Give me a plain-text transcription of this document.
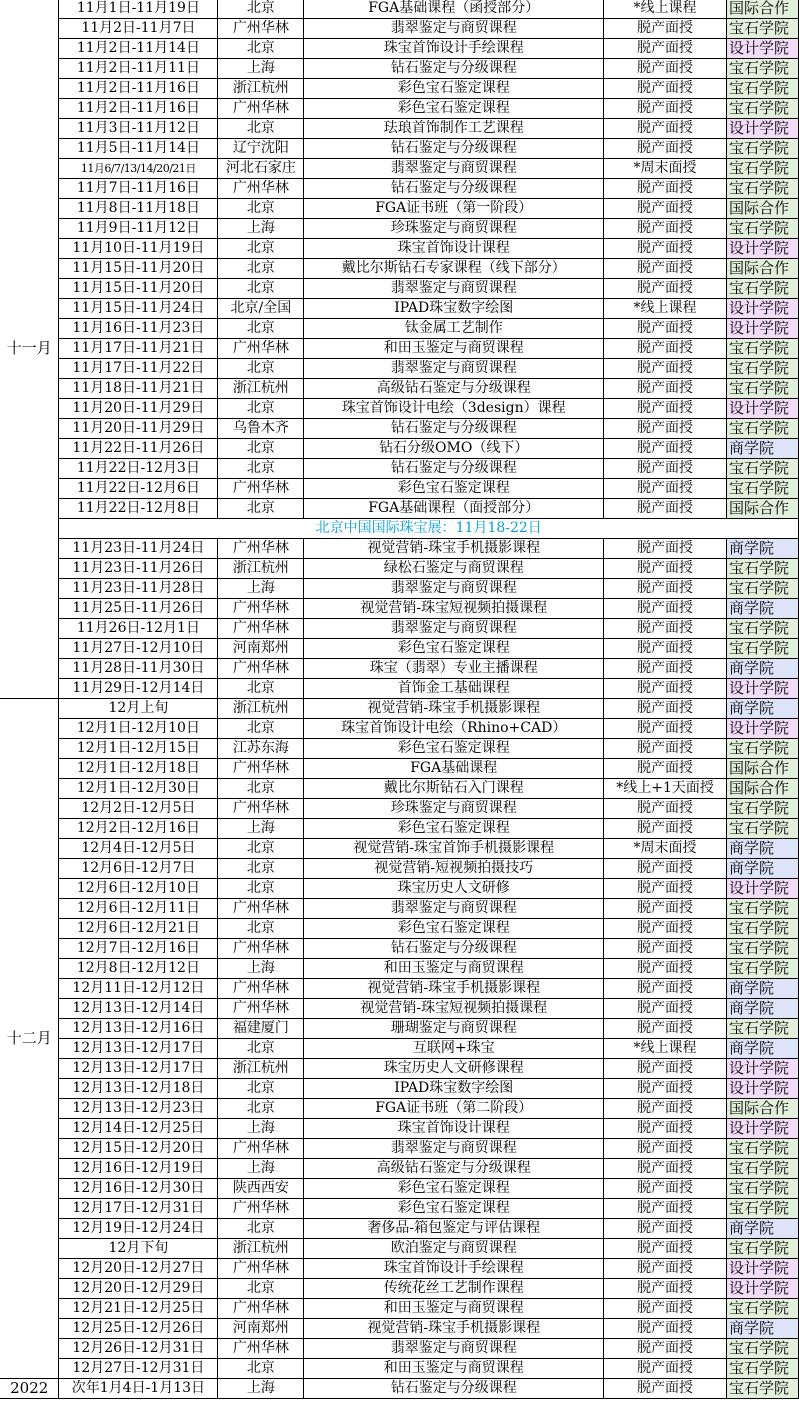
十一月	11月1日-11月19日	北京	FGA基础课程（函授部分）	*线上课程	国际合作
	11月2日-11月7日	广州华林	翡翠鉴定与商贸课程	脱产面授	宝石学院
	11月2日-11月14日	北京	珠宝首饰设计手绘课程	脱产面授	设计学院
	11月2日-11月11日	上海	钻石鉴定与分级课程	脱产面授	宝石学院
	11月2日-11月16日	浙江杭州	彩色宝石鉴定课程	脱产面授	宝石学院
	11月2日-11月16日	广州华林	彩色宝石鉴定课程	脱产面授	宝石学院
	11月3日-11月12日	北京	珐琅首饰制作工艺课程	脱产面授	设计学院
	11月5日-11月14日	辽宁沈阳	钻石鉴定与分级课程	脱产面授	宝石学院
	11月6/7/13/14/20/21日	河北石家庄	翡翠鉴定与商贸课程	*周末面授	宝石学院
	11月7日-11月16日	广州华林	钻石鉴定与分级课程	脱产面授	宝石学院
	11月8日-11月18日	北京	FGA证书班（第一阶段）	脱产面授	国际合作
	11月9日-11月12日	上海	珍珠鉴定与商贸课程	脱产面授	宝石学院
	11月10日-11月19日	北京	珠宝首饰设计课程	脱产面授	设计学院
	11月15日-11月20日	北京	戴比尔斯钻石专家课程（线下部分）	脱产面授	国际合作
	11月15日-11月20日	北京	翡翠鉴定与商贸课程	脱产面授	宝石学院
	11月15日-11月24日	北京/全国	IPAD珠宝数字绘图	*线上课程	设计学院
	11月16日-11月23日	北京	钛金属工艺制作	脱产面授	设计学院
	11月17日-11月21日	广州华林	和田玉鉴定与商贸课程	脱产面授	宝石学院
	11月17日-11月22日	北京	翡翠鉴定与商贸课程	脱产面授	宝石学院
	11月18日-11月21日	浙江杭州	高级钻石鉴定与分级课程	脱产面授	宝石学院
	11月20日-11月29日	北京	珠宝首饰设计电绘（3design）课程	脱产面授	设计学院
	11月20日-11月29日	乌鲁木齐	钻石鉴定与分级课程	脱产面授	宝石学院
	11月22日-11月26日	北京	钻石分级OMO（线下）	脱产面授	商学院
	11月22日-12月3日	北京	钻石鉴定与分级课程	脱产面授	宝石学院
	11月22日-12月6日	广州华林	彩色宝石鉴定课程	脱产面授	宝石学院
	11月22日-12月8日	北京	FGA基础课程（面授部分）	脱产面授	国际合作
	北京中国国际珠宝展：11月18-22日				
	11月23日-11月24日	广州华林	视觉营销-珠宝手机摄影课程	脱产面授	商学院
	11月23日-11月26日	浙江杭州	绿松石鉴定与商贸课程	脱产面授	宝石学院
	11月23日-11月28日	上海	翡翠鉴定与商贸课程	脱产面授	宝石学院
	11月25日-11月26日	广州华林	视觉营销-珠宝短视频拍摄课程	脱产面授	商学院
	11月26日-12月1日	广州华林	翡翠鉴定与商贸课程	脱产面授	宝石学院
	11月27日-12月10日	河南郑州	彩色宝石鉴定课程	脱产面授	宝石学院
	11月28日-11月30日	广州华林	珠宝（翡翠）专业主播课程	脱产面授	商学院
	11月29日-12月14日	北京	首饰金工基础课程	脱产面授	设计学院
十二月	12月上旬	浙江杭州	视觉营销-珠宝手机摄影课程	脱产面授	商学院
	12月1日-12月10日	北京	珠宝首饰设计电绘（Rhino+CAD）	脱产面授	设计学院
	12月1日-12月15日	江苏东海	彩色宝石鉴定课程	脱产面授	宝石学院
	12月1日-12月18日	广州华林	FGA基础课程	脱产面授	国际合作
	12月1日-12月30日	北京	戴比尔斯钻石入门课程	*线上+1天面授	国际合作
	12月2日-12月5日	广州华林	珍珠鉴定与商贸课程	脱产面授	宝石学院
	12月2日-12月16日	上海	彩色宝石鉴定课程	脱产面授	宝石学院
	12月4日-12月5日	北京	视觉营销-珠宝首饰手机摄影课程	*周末面授	商学院
	12月6日-12月7日	北京	视觉营销-短视频拍摄技巧	脱产面授	商学院
	12月6日-12月10日	北京	珠宝历史人文研修	脱产面授	设计学院
	12月6日-12月11日	广州华林	翡翠鉴定与商贸课程	脱产面授	宝石学院
	12月6日-12月21日	北京	彩色宝石鉴定课程	脱产面授	宝石学院
	12月7日-12月16日	广州华林	钻石鉴定与分级课程	脱产面授	宝石学院
	12月8日-12月12日	上海	和田玉鉴定与商贸课程	脱产面授	宝石学院
	12月11日-12月12日	广州华林	视觉营销-珠宝手机摄影课程	脱产面授	商学院
	12月13日-12月14日	广州华林	视觉营销-珠宝短视频拍摄课程	脱产面授	商学院
	12月13日-12月16日	福建厦门	珊瑚鉴定与商贸课程	脱产面授	宝石学院
	12月13日-12月17日	北京	互联网+珠宝	*线上课程	商学院
	12月13日-12月17日	浙江杭州	珠宝历史人文研修课程	脱产面授	设计学院
	12月13日-12月18日	北京	IPAD珠宝数字绘图	脱产面授	设计学院
	12月13日-12月23日	北京	FGA证书班（第二阶段）	脱产面授	国际合作
	12月14日-12月25日	上海	珠宝首饰设计课程	脱产面授	设计学院
	12月15日-12月20日	广州华林	翡翠鉴定与商贸课程	脱产面授	宝石学院
	12月16日-12月19日	上海	高级钻石鉴定与分级课程	脱产面授	宝石学院
	12月16日-12月30日	陕西西安	彩色宝石鉴定课程	脱产面授	宝石学院
	12月17日-12月31日	广州华林	彩色宝石鉴定课程	脱产面授	宝石学院
	12月19日-12月24日	北京	奢侈品-箱包鉴定与评估课程	脱产面授	商学院
	12月下旬	浙江杭州	欧泊鉴定与商贸课程	脱产面授	宝石学院
	12月20日-12月27日	广州华林	珠宝首饰设计手绘课程	脱产面授	设计学院
	12月20日-12月29日	北京	传统花丝工艺制作课程	脱产面授	设计学院
	12月21日-12月25日	广州华林	和田玉鉴定与商贸课程	脱产面授	宝石学院
	12月25日-12月26日	河南郑州	视觉营销-珠宝手机摄影课程	脱产面授	商学院
	12月26日-12月31日	广州华林	翡翠鉴定与商贸课程	脱产面授	宝石学院
	12月27日-12月31日	北京	和田玉鉴定与商贸课程	脱产面授	宝石学院
2022	次年1月4日-1月13日	上海	钻石鉴定与分级课程	脱产面授	宝石学院
